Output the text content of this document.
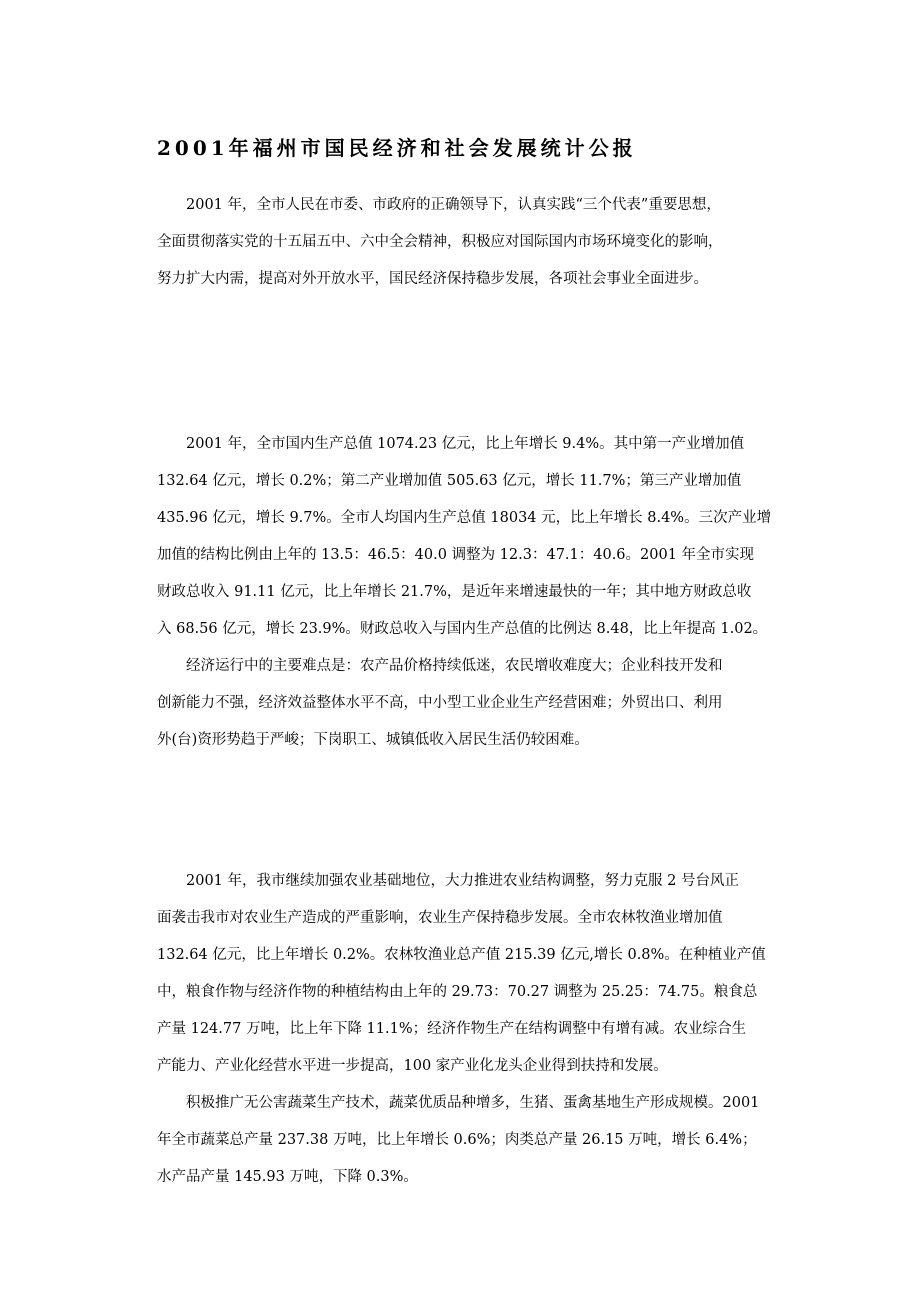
2001年福州市国民经济和社会发展统计公报
2001 年，全市人民在市委、市政府的正确领导下，认真实践“三个代表”重要思想，
全面贯彻落实党的十五届五中、六中全会精神，积极应对国际国内市场环境变化的影响，
努力扩大内需，提高对外开放水平，国民经济保持稳步发展，各项社会事业全面进步。
2001 年，全市国内生产总值 1074.23 亿元，比上年增长 9.4%。其中第一产业增加值
132.64 亿元，增长 0.2%；第二产业增加值 505.63 亿元，增长 11.7%；第三产业增加值
435.96 亿元，增长 9.7%。全市人均国内生产总值 18034 元，比上年增长 8.4%。三次产业增
加值的结构比例由上年的 13.5：46.5：40.0 调整为 12.3：47.1：40.6。2001 年全市实现
财政总收入 91.11 亿元，比上年增长 21.7%，是近年来增速最快的一年；其中地方财政总收
入 68.56 亿元，增长 23.9%。财政总收入与国内生产总值的比例达 8.48，比上年提高 1.02。
经济运行中的主要难点是：农产品价格持续低迷，农民增收难度大；企业科技开发和
创新能力不强，经济效益整体水平不高，中小型工业企业生产经营困难；外贸出口、利用
外(台)资形势趋于严峻；下岗职工、城镇低收入居民生活仍较困难。
2001 年，我市继续加强农业基础地位，大力推进农业结构调整，努力克服 2 号台风正
面袭击我市对农业生产造成的严重影响，农业生产保持稳步发展。全市农林牧渔业增加值
132.64 亿元，比上年增长 0.2%。农林牧渔业总产值 215.39 亿元,增长 0.8%。在种植业产值
中，粮食作物与经济作物的种植结构由上年的 29.73：70.27 调整为 25.25：74.75。粮食总
产量 124.77 万吨，比上年下降 11.1%；经济作物生产在结构调整中有增有减。农业综合生
产能力、产业化经营水平进一步提高，100 家产业化龙头企业得到扶持和发展。
积极推广无公害蔬菜生产技术，蔬菜优质品种增多，生猪、蛋禽基地生产形成规模。2001
年全市蔬菜总产量 237.38 万吨，比上年增长 0.6%；肉类总产量 26.15 万吨，增长 6.4%；
水产品产量 145.93 万吨，下降 0.3%。
